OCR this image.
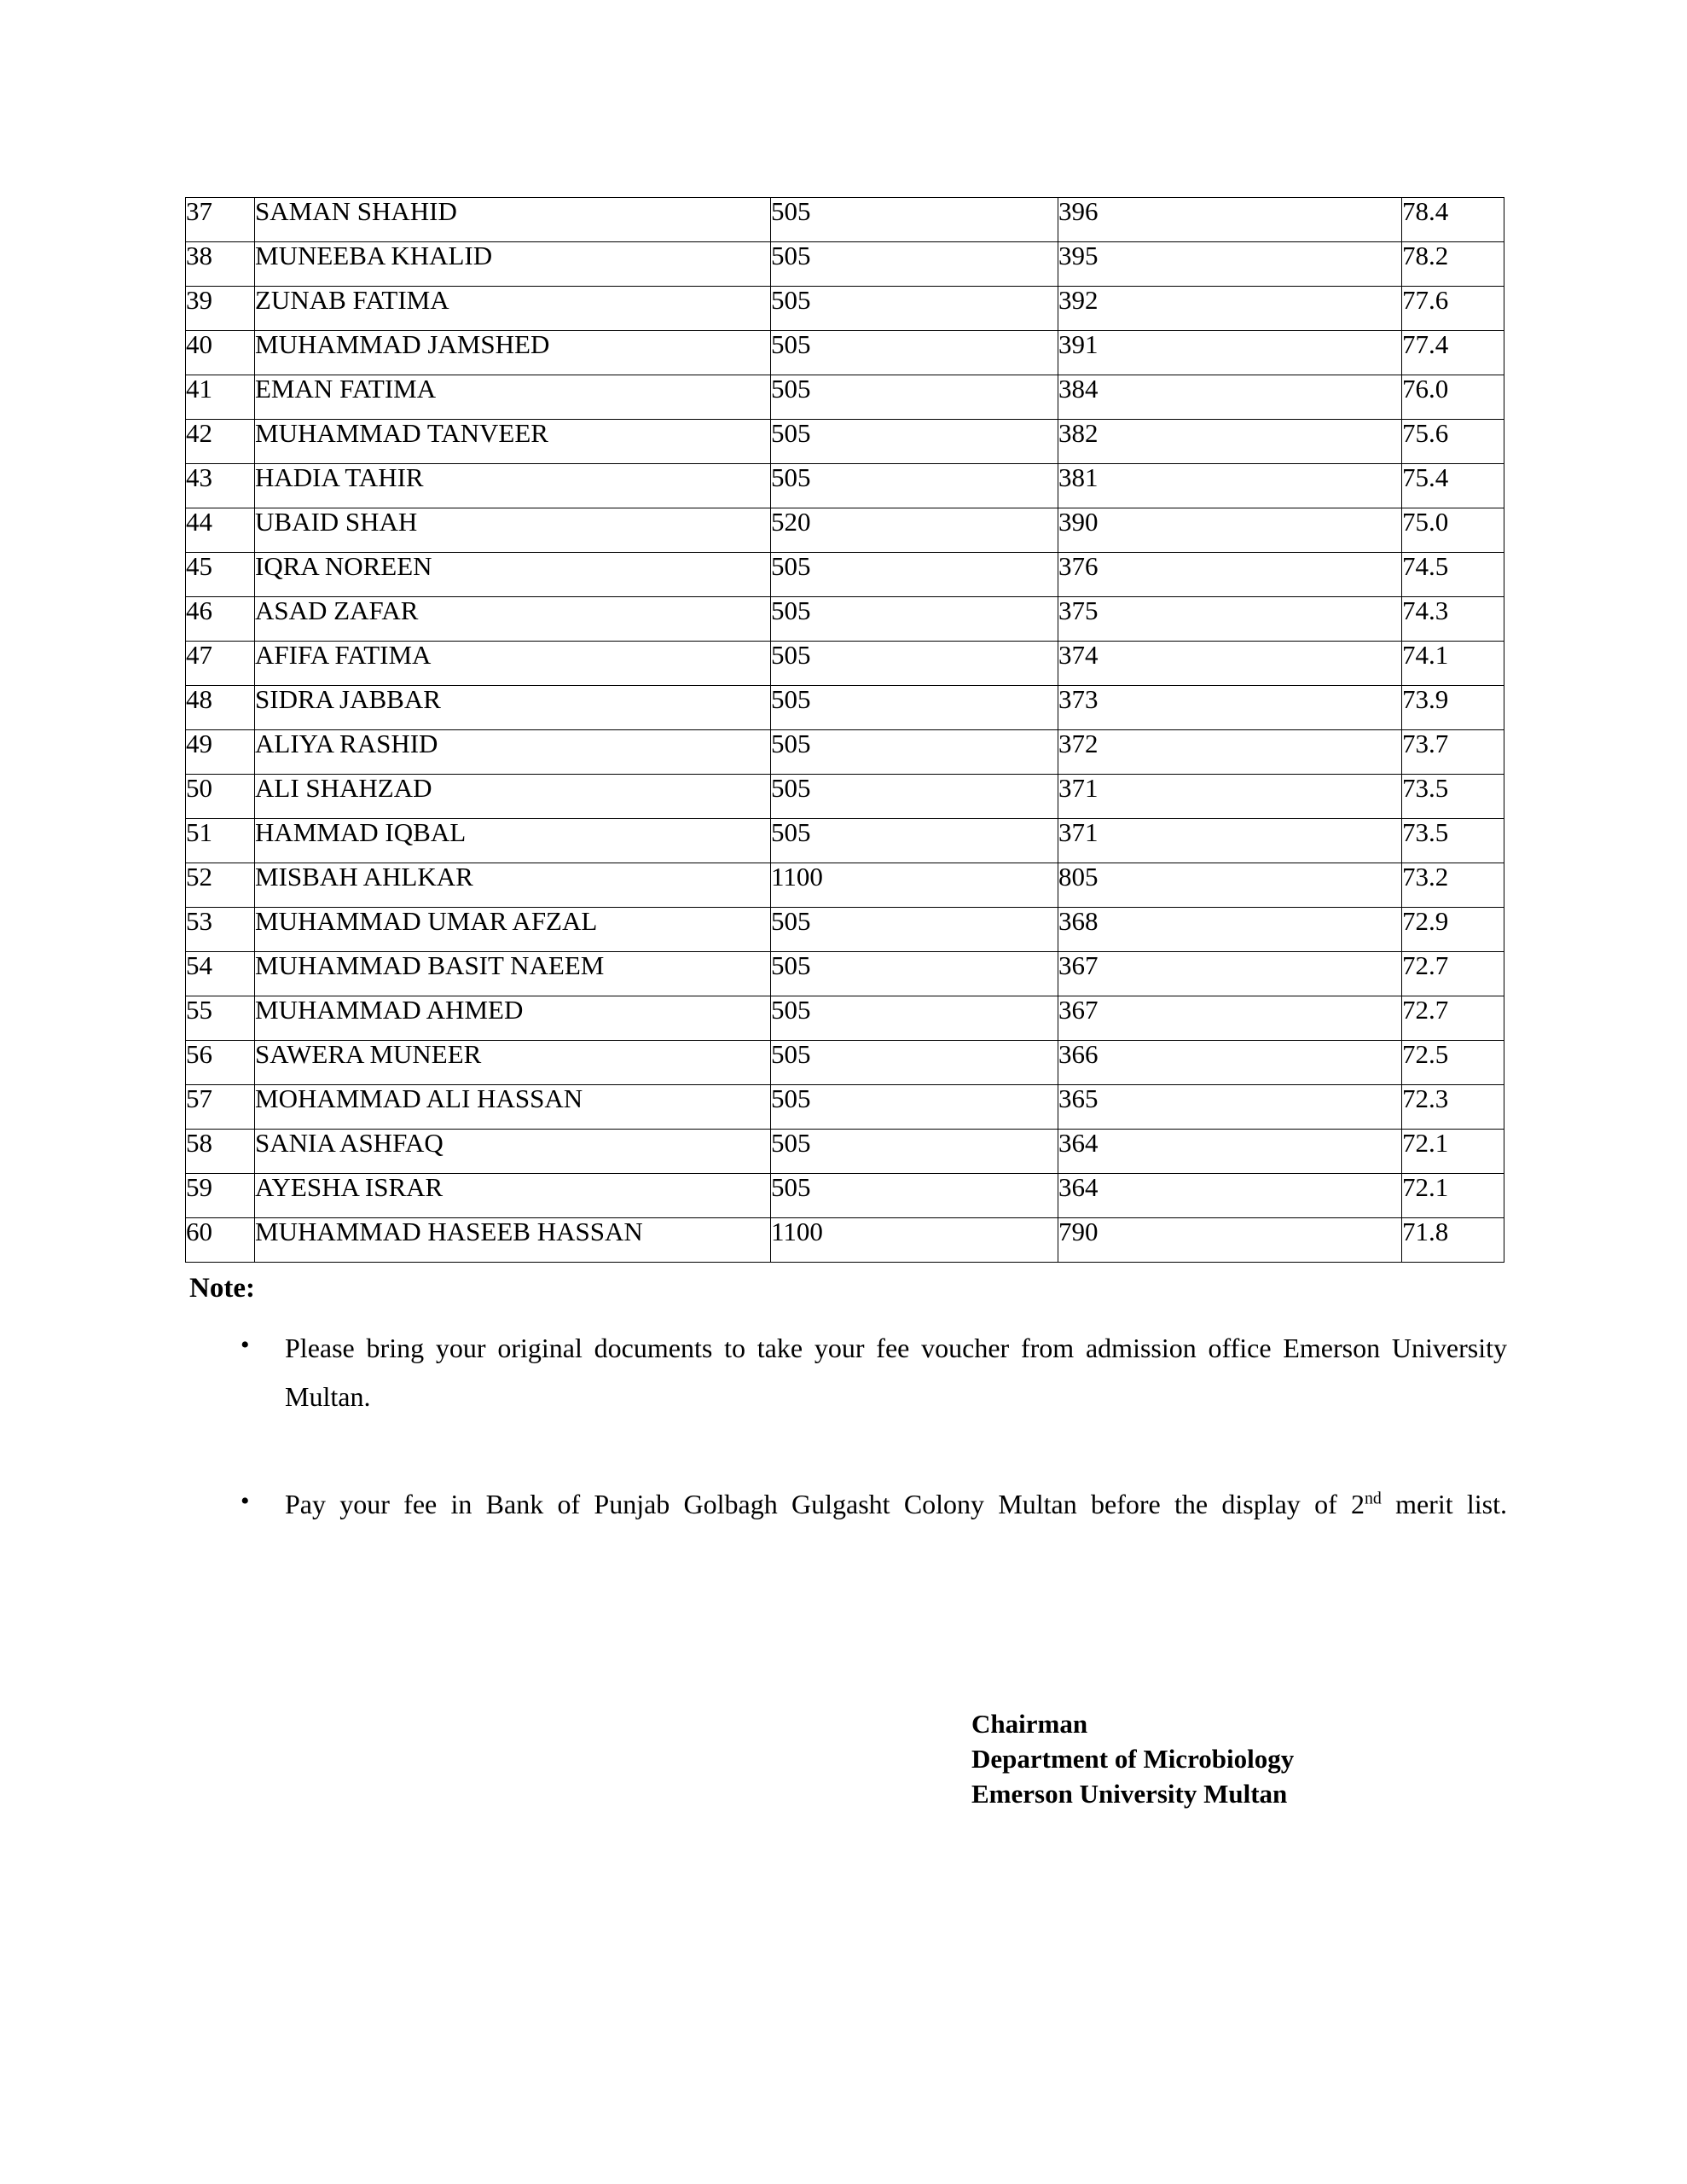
37	SAMAN SHAHID	505	396	78.4
38	MUNEEBA KHALID	505	395	78.2
39	ZUNAB FATIMA	505	392	77.6
40	MUHAMMAD JAMSHED	505	391	77.4
41	EMAN FATIMA	505	384	76.0
42	MUHAMMAD TANVEER	505	382	75.6
43	HADIA TAHIR	505	381	75.4
44	UBAID SHAH	520	390	75.0
45	IQRA NOREEN	505	376	74.5
46	ASAD ZAFAR	505	375	74.3
47	AFIFA FATIMA	505	374	74.1
48	SIDRA JABBAR	505	373	73.9
49	ALIYA RASHID	505	372	73.7
50	ALI SHAHZAD	505	371	73.5
51	HAMMAD IQBAL	505	371	73.5
52	MISBAH AHLKAR	1100	805	73.2
53	MUHAMMAD UMAR AFZAL	505	368	72.9
54	MUHAMMAD BASIT NAEEM	505	367	72.7
55	MUHAMMAD AHMED	505	367	72.7
56	SAWERA MUNEER	505	366	72.5
57	MOHAMMAD ALI HASSAN	505	365	72.3
58	SANIA ASHFAQ	505	364	72.1
59	AYESHA ISRAR	505	364	72.1
60	MUHAMMAD HASEEB HASSAN	1100	790	71.8
Note:
• Please bring your original documents to take your fee voucher from admission office Emerson University Multan.
• Pay your fee in Bank of Punjab Golbagh Gulgasht Colony Multan before the display of 2nd merit list.
Chairman
Department of Microbiology
Emerson University Multan
